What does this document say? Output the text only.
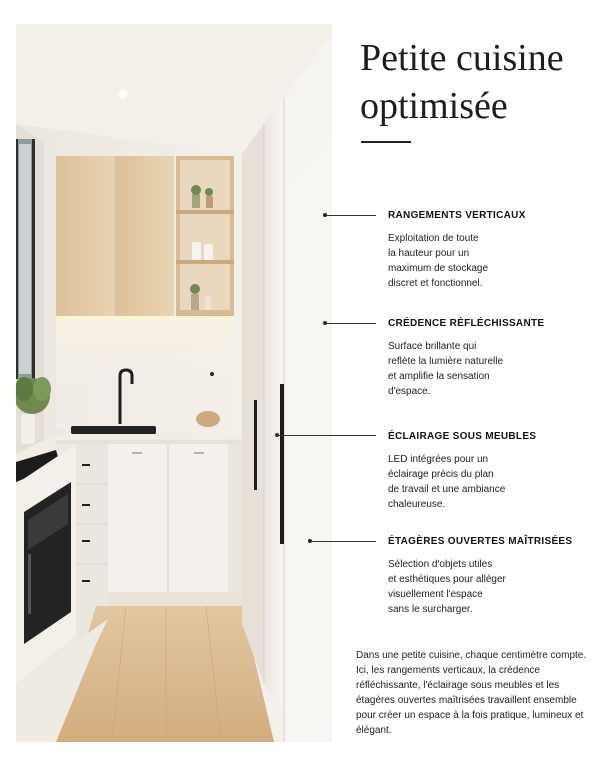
Petite cuisine optimisée
RANGEMENTS VERTICAUX

Exploitation de toute
la hauteur pour un
maximum de stockage
discret et fonctionnel.

CRÉDENCE RÉFLÉCHISSANTE

Surface brillante qui
reflète la lumière naturelle
et amplifie la sensation
d'espace.

ÉCLAIRAGE SOUS MEUBLES

LED intégrées pour un
éclairage précis du plan
de travail et une ambiance
chaleureuse.

ÉTAGÈRES OUVERTES MAÎTRISÉES

Sélection d'objets utiles
et esthétiques pour alléger
visuellement l'espace
sans le surcharger.

Dans une petite cuisine, chaque centimètre compte. Ici, les rangements verticaux, la crédence réfléchissante, l'éclairage sous meubles et les étagères ouvertes maîtrisées travaillent ensemble pour créer un espace à la fois pratique, lumineux et élégant.
